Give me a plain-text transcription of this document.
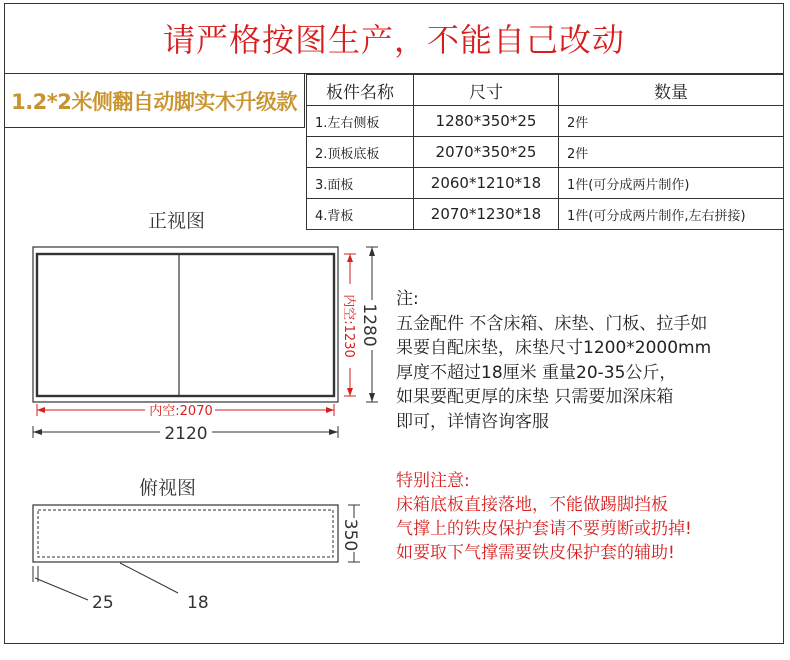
请严格按图生产，不能自己改动
1.2*2米侧翻自动脚实木升级款 板件名称	尺寸	数量
1.左右侧板	1280*350*25	2件
2.顶板底板	2070*350*25	2件
3.面板	2060*1210*18	1件(可分成两片制作)
4.背板	2070*1230*18	1件(可分成两片制作,左右拼接)
正视图
俯视图
内空:2070
2120
内空:1230 1280
350
25	18
注:
五金配件 不含床箱、床垫、门板、拉手如
果要自配床垫，床垫尺寸1200*2000mm
厚度不超过18厘米 重量20-35公斤，
如果要配更厚的床垫 只需要加深床箱
即可，详情咨询客服
特别注意:
床箱底板直接落地，不能做踢脚挡板
气撑上的铁皮保护套请不要剪断或扔掉!
如要取下气撑需要铁皮保护套的辅助!
